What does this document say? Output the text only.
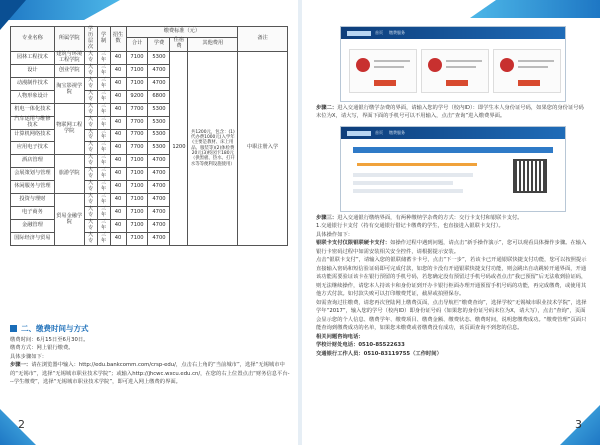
专业名称	所属学院	学历层次	学制	招生数	缴费标准（元）				备注
					合计	学费	住宿费	其他费用	
园林工程技术	建筑与环境工程学院	大专	三年	40	7100	5300	1200	共1200元，包含：(1)代办费1000元(入学年(主要是教材、床上用品、服装等)(2)体检费20元(3)校园卡180元（供黑板、热水、打开水等等便利设施使用）	中职注册入学
设计	创业学院	大专	三年	40	7100	4700			
动漫制作技术	淘宝影视学院	大专	三年	40	7100	4700			
人物形象设计		大专	三年	40	9200	6800			
机电一体化技术	物联网工程学院	大专	三年	40	7700	5300			
汽车运用与维修技术		大专	三年	40	7700	5300			
计算机网络技术		大专	三年	40	7700	5300			
应用电子技术		大专	三年	40	7700	5300			
酒店管理	旅游学院	大专	三年	40	7100	4700			
会展策划与管理		大专	三年	40	7100	4700			
休闲服务与管理		大专	三年	40	7100	4700			
投资与理财	贸易金融学院	大专	三年	40	7100	4700			
电子商务		大专	三年	40	7100	4700			
金融管理		大专	三年	40	7100	4700			
国际经济与贸易		大专	三年	40	7100	4700			
二、缴费时间与方式

缴费时间：6月15日至6月30日。

缴费方式：网上银行缴费。

具体步骤如下：

步骤一：请在浏览器中输入：http://edu.bankcomm.com/crsp-edu/，点击右上角的“当前城市”，选择“无锡城市中的“无锡市”，选择“无锡城市职业技术学院”；或输入http://jhcwc.wxcu.edu.cn/，在您的右上位置点击“财务信息平台---学生缴费”，选择“无锡城市职业技术学院”，即可进入网上缴费的界面。

2
首页 缴费服务

步骤二：进入交通银行缴学杂费的界面，请输入您的学号（校内ID）：即学生本人身份证号码，如果您的身份证号码末位为X，请大写，界面下面的手机号可以不用输入，点击“查询”进入缴费界面。

首页 缴费服务

步骤三：进入交通银行缴纳界面，有两种缴纳学杂费的方式：交行卡支付和银联卡支付。

1.交通银行卡支付（持有交通银行借记卡缴费的学生，也直接进入银联卡支付）。

具体操作如下：

银联卡支付仅限银联硬卡支付：如操作过程中遇到问题，请点击“新手操作演示”，您可以观看具体操作步骤。在输入银行卡密码过程中如需安装相关安全控件，请根据提示安装。

点击“银联卡支付”，请输入您的银联储蓄卡卡号，点击“下一步”，若该卡已开通银联快捷支付功能，您可以按照提示直接输入密码和短信验证码即可完成付款，如您的卡没有开通银联快捷支付功能，则会跳出自动跳转开通界面，开通该功能需要验证该卡在银行预留的手机号码，若您确定没有预留过手机号码或者点击“我已预留”后无法收到验证码，则无法继续操作，请您本人持该卡和身份证到开办卡银行柜面办理开通预留手机号码的功能，再完成缴费，或使用其他方式付款。如付款失败可以打印缴费凭证，截屏或拍照保存。

如需查询过往缴费，请您再次登陆网上缴费页面，点击导航栏“缴费查询”，选择学校“无锡城市职业技术学院”，选择学年“2017”，输入您的学号（校内ID）即身份证号码（如果您的身份证号码末位为X，请大写），点击“查询”，页面会显示您的个人信息、缴费学年、缴费项目、缴费金额、缴费状态、缴费时间，说明您缴费成功。“缴费管理”页面只能查询到缴费成功的名单，如果您未缴费或者缴费没有成功，该页面查询不到您的信息。

相关问题咨询电话：

学校计财处电话：0510-85522633

交通银行工作人员：0510-83119755（工作时间）

3
